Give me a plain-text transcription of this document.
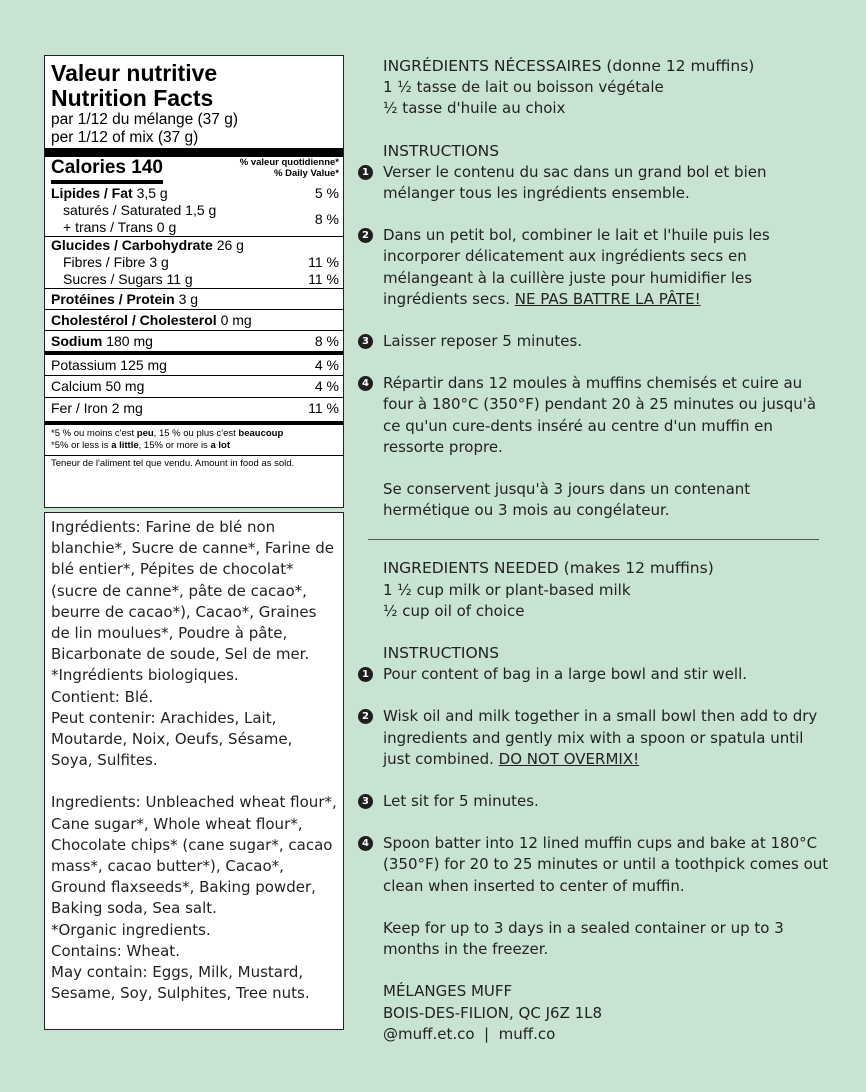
Valeur nutritive
Nutrition Facts
par 1/12 du mélange (37 g)
per 1/12 of mix (37 g)
Calories 140	% valeur quotidienne*
% Daily Value*
Lipides / Fat 3,5 g	5 %
saturés / Saturated 1,5 g
+ trans / Trans 0 g	8 %
Glucides / Carbohydrate 26 g
Fibres / Fibre 3 g	11 %
Sucres / Sugars 11 g	11 %
Protéines / Protein 3 g
Cholestérol / Cholesterol 0 mg
Sodium 180 mg	8 %
Potassium 125 mg	4 %
Calcium 50 mg	4 %
Fer / Iron 2 mg	11 %
*5 % ou moins c'est peu, 15 % ou plus c'est beaucoup
*5% or less is a little, 15% or more is a lot
Teneur de l'aliment tel que vendu. Amount in food as sold.

Ingrédients: Farine de blé non blanchie*, Sucre de canne*, Farine de blé entier*, Pépites de chocolat* (sucre de canne*, pâte de cacao*, beurre de cacao*), Cacao*, Graines de lin moulues*, Poudre à pâte, Bicarbonate de soude, Sel de mer.

*Ingrédients biologiques.

Contient: Blé.

Peut contenir: Arachides, Lait, Moutarde, Noix, Oeufs, Sésame, Soya, Sulfites.

Ingredients: Unbleached wheat flour*, Cane sugar*, Whole wheat flour*, Chocolate chips* (cane sugar*, cacao mass*, cacao butter*), Cacao*, Ground flaxseeds*, Baking powder, Baking soda, Sea salt.

*Organic ingredients.

Contains: Wheat.

May contain: Eggs, Milk, Mustard, Sesame, Soy, Sulphites, Tree nuts.

INGRÉDIENTS NÉCESSAIRES (donne 12 muffins)
1 ½ tasse de lait ou boisson végétale
½ tasse d'huile au choix
INSTRUCTIONS
1 Verser le contenu du sac dans un grand bol et bien mélanger tous les ingrédients ensemble.
2 Dans un petit bol, combiner le lait et l'huile puis les incorporer délicatement aux ingrédients secs en mélangeant à la cuillère juste pour humidifier les ingrédients secs. NE PAS BATTRE LA PÂTE!
3 Laisser reposer 5 minutes.
4 Répartir dans 12 moules à muffins chemisés et cuire au four à 180°C (350°F) pendant 20 à 25 minutes ou jusqu'à ce qu'un cure-dents inséré au centre d'un muffin en ressorte propre.
Se conservent jusqu'à 3 jours dans un contenant hermétique ou 3 mois au congélateur.
INGREDIENTS NEEDED (makes 12 muffins)
1 ½ cup milk or plant-based milk
½ cup oil of choice
INSTRUCTIONS
1 Pour content of bag in a large bowl and stir well.
2 Wisk oil and milk together in a small bowl then add to dry ingredients and gently mix with a spoon or spatula until just combined. DO NOT OVERMIX!
3 Let sit for 5 minutes.
4 Spoon batter into 12 lined muffin cups and bake at 180°C (350°F) for 20 to 25 minutes or until a toothpick comes out clean when inserted to center of muffin.
Keep for up to 3 days in a sealed container or up to 3 months in the freezer.
MÉLANGES MUFF
BOIS-DES-FILION, QC J6Z 1L8
@muff.et.co  |  muff.co
